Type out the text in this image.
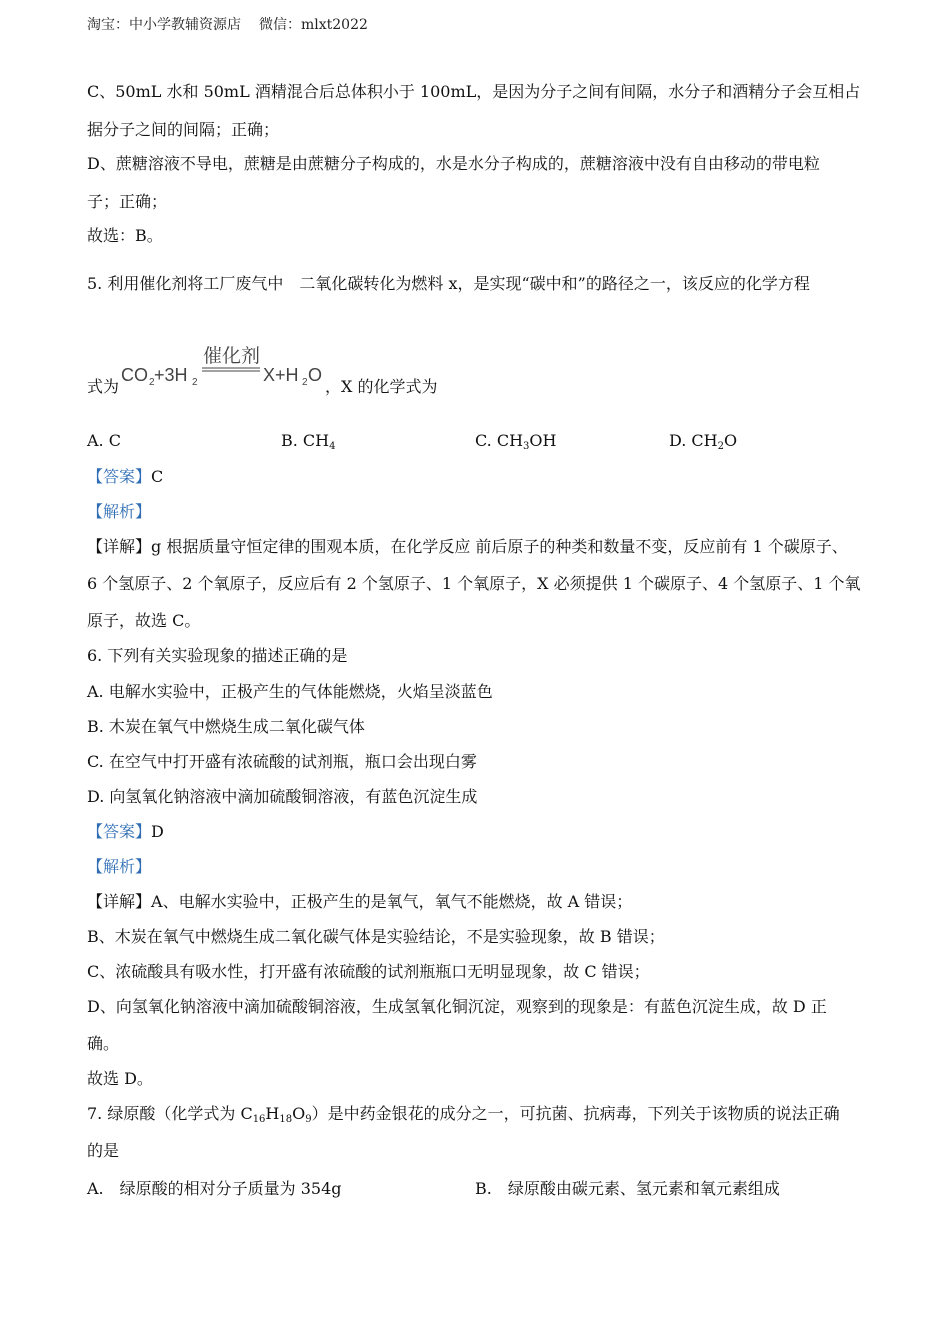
淘宝：中小学教辅资源店 微信：mlxt2022
C、50mL 水和 50mL 酒精混合后总体积小于 100mL，是因为分子之间有间隔，水分子和酒精分子会互相占
据分子之间的间隔；正确；
D、蔗糖溶液不导电，蔗糖是由蔗糖分子构成的，水是水分子构成的，蔗糖溶液中没有自由移动的带电粒
子；正确；
故选：B。
5. 利用催化剂将工厂废气中　二氧化碳转化为燃料 x，是实现“碳中和”的路径之一，该反应的化学方程
式为
催化剂
CO 2 +3H 2	X+H 2 O
，X 的化学式为
A. C	B. $CH_4$	C. $CH_3OH$	D. $CH_2O$
【答案】C
【解析】
【详解】g 根据质量守恒定律的围观本质，在化学反应 前后原子的种类和数量不变，反应前有 1 个碳原子、
6 个氢原子、2 个氧原子，反应后有 2 个氢原子、1 个氧原子，X 必须提供 1 个碳原子、4 个氢原子、1 个氧
原子，故选 C。
6. 下列有关实验现象的描述正确的是
A. 电解水实验中，正极产生的气体能燃烧，火焰呈淡蓝色
B. 木炭在氧气中燃烧生成二氧化碳气体
C. 在空气中打开盛有浓硫酸的试剂瓶，瓶口会出现白雾
D. 向氢氧化钠溶液中滴加硫酸铜溶液，有蓝色沉淀生成
【答案】D
【解析】
【详解】A、电解水实验中，正极产生的是氧气，氧气不能燃烧，故 A 错误；
B、木炭在氧气中燃烧生成二氧化碳气体是实验结论，不是实验现象，故 B 错误；
C、浓硫酸具有吸水性，打开盛有浓硫酸的试剂瓶瓶口无明显现象，故 C 错误；
D、向氢氧化钠溶液中滴加硫酸铜溶液，生成氢氧化铜沉淀，观察到的现象是：有蓝色沉淀生成，故 D 正
确。
故选 D。
7. 绿原酸（化学式为 $C_{16}H_{18}O_9$）是中药金银花的成分之一，可抗菌、抗病毒，下列关于该物质的说法正确
的是
A.　绿原酸的相对分子质量为 354g	B.　绿原酸由碳元素、氢元素和氧元素组成
